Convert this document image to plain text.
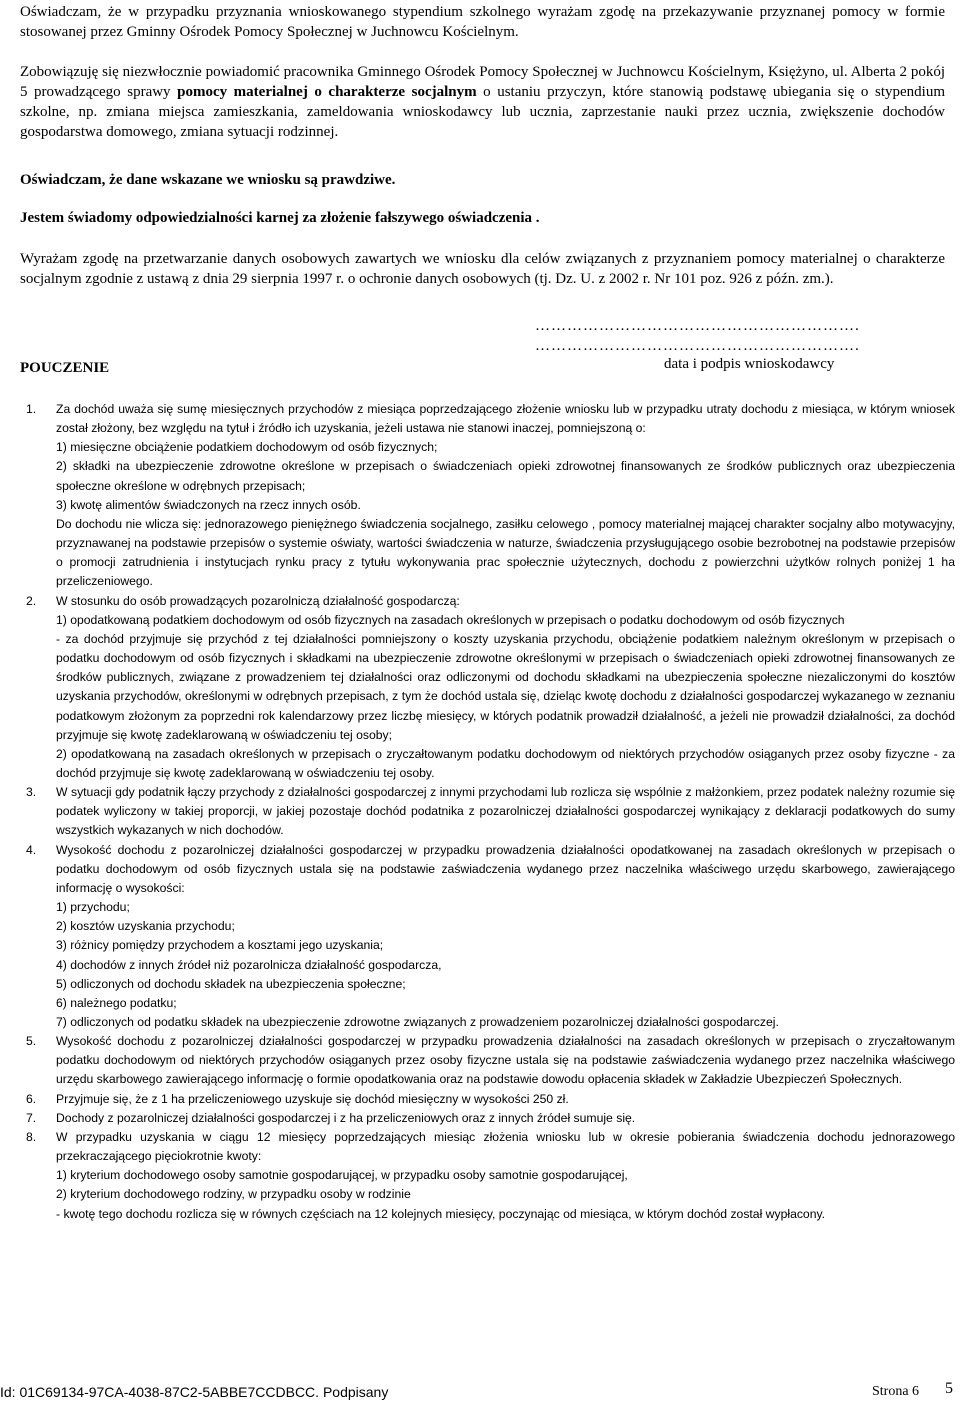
Oświadczam, że w przypadku przyznania wnioskowanego stypendium szkolnego wyrażam zgodę na przekazywanie przyznanej pomocy w formie stosowanej przez Gminny Ośrodek Pomocy Społecznej w Juchnowcu Kościelnym.

Zobowiązuję się niezwłocznie powiadomić pracownika Gminnego Ośrodek Pomocy Społecznej w Juchnowcu Kościelnym, Księżyno, ul. Alberta 2 pokój 5 prowadzącego sprawy pomocy materialnej o charakterze socjalnym o ustaniu przyczyn, które stanowią podstawę ubiegania się o stypendium szkolne, np. zmiana miejsca zamieszkania, zameldowania wnioskodawcy lub ucznia, zaprzestanie nauki przez ucznia, zwiększenie dochodów gospodarstwa domowego, zmiana sytuacji rodzinnej.

Oświadczam, że dane wskazane we wniosku są prawdziwe.

Jestem świadomy odpowiedzialności karnej za złożenie fałszywego oświadczenia .

Wyrażam zgodę na przetwarzanie danych osobowych zawartych we wniosku dla celów związanych z przyznaniem pomocy materialnej o charakterze socjalnym zgodnie z ustawą z dnia 29 sierpnia 1997 r. o ochronie danych osobowych (tj. Dz. U. z 2002 r. Nr 101 poz. 926 z późn. zm.).

…………………………………………………….
…………………………………………………….
POUCZENIE	data i podpis wnioskodawcy
1.	Za dochód uważa się sumę miesięcznych przychodów z miesiąca poprzedzającego złożenie wniosku lub w przypadku utraty dochodu z miesiąca, w którym wniosek został złożony, bez względu na tytuł i źródło ich uzyskania, jeżeli ustawa nie stanowi inaczej, pomniejszoną o:

1) miesięczne obciążenie podatkiem dochodowym od osób fizycznych;

2) składki na ubezpieczenie zdrowotne określone w przepisach o świadczeniach opieki zdrowotnej finansowanych ze środków publicznych oraz ubezpieczenia społeczne określone w odrębnych przepisach;

3) kwotę alimentów świadczonych na rzecz innych osób.

Do dochodu nie wlicza się: jednorazowego pieniężnego świadczenia socjalnego, zasiłku celowego , pomocy materialnej mającej charakter socjalny albo motywacyjny, przyznawanej na podstawie przepisów o systemie oświaty, wartości świadczenia w naturze, świadczenia przysługującego osobie bezrobotnej na podstawie przepisów o promocji zatrudnienia i instytucjach rynku pracy z tytułu wykonywania prac społecznie użytecznych, dochodu z powierzchni użytków rolnych poniżej 1 ha przeliczeniowego.

2.	W stosunku do osób prowadzących pozarolniczą działalność gospodarczą:

1) opodatkowaną podatkiem dochodowym od osób fizycznych na zasadach określonych w przepisach o podatku dochodowym od osób fizycznych

- za dochód przyjmuje się przychód z tej działalności pomniejszony o koszty uzyskania przychodu, obciążenie podatkiem należnym określonym w przepisach o podatku dochodowym od osób fizycznych i składkami na ubezpieczenie zdrowotne określonymi w przepisach o świadczeniach opieki zdrowotnej finansowanych ze środków publicznych, związane z prowadzeniem tej działalności oraz odliczonymi od dochodu składkami na ubezpieczenia społeczne niezaliczonymi do kosztów uzyskania przychodów, określonymi w odrębnych przepisach, z tym że dochód ustala się, dzieląc kwotę dochodu z działalności gospodarczej wykazanego w zeznaniu podatkowym złożonym za poprzedni rok kalendarzowy przez liczbę miesięcy, w których podatnik prowadził działalność, a jeżeli nie prowadził działalności, za dochód przyjmuje się kwotę zadeklarowaną w oświadczeniu tej osoby;

2) opodatkowaną na zasadach określonych w przepisach o zryczałtowanym podatku dochodowym od niektórych przychodów osiąganych przez osoby fizyczne - za dochód przyjmuje się kwotę zadeklarowaną w oświadczeniu tej osoby.

3.	W sytuacji gdy podatnik łączy przychody z działalności gospodarczej z innymi przychodami lub rozlicza się wspólnie z małżonkiem, przez podatek należny rozumie się podatek wyliczony w takiej proporcji, w jakiej pozostaje dochód podatnika z pozarolniczej działalności gospodarczej wynikający z deklaracji podatkowych do sumy wszystkich wykazanych w nich dochodów.
4.	Wysokość dochodu z pozarolniczej działalności gospodarczej w przypadku prowadzenia działalności opodatkowanej na zasadach określonych w przepisach o podatku dochodowym od osób fizycznych ustala się na podstawie zaświadczenia wydanego przez naczelnika właściwego urzędu skarbowego, zawierającego informację o wysokości:

1) przychodu;

2) kosztów uzyskania przychodu;

3) różnicy pomiędzy przychodem a kosztami jego uzyskania;

4) dochodów z innych źródeł niż pozarolnicza działalność gospodarcza,

5) odliczonych od dochodu składek na ubezpieczenia społeczne;

6) należnego podatku;

7) odliczonych od podatku składek na ubezpieczenie zdrowotne związanych z prowadzeniem pozarolniczej działalności gospodarczej.

5.	Wysokość dochodu z pozarolniczej działalności gospodarczej w przypadku prowadzenia działalności na zasadach określonych w przepisach o zryczałtowanym podatku dochodowym od niektórych przychodów osiąganych przez osoby fizyczne ustala się na podstawie zaświadczenia wydanego przez naczelnika właściwego urzędu skarbowego zawierającego informację o formie opodatkowania oraz na podstawie dowodu opłacenia składek w Zakładzie Ubezpieczeń Społecznych.
6.	Przyjmuje się, że z 1 ha przeliczeniowego uzyskuje się dochód miesięczny w wysokości 250 zł.
7.	Dochody z pozarolniczej działalności gospodarczej i z ha przeliczeniowych oraz z innych źródeł sumuje się.
8.	W przypadku uzyskania w ciągu 12 miesięcy poprzedzających miesiąc złożenia wniosku lub w okresie pobierania świadczenia dochodu jednorazowego przekraczającego pięciokrotnie kwoty:

1) kryterium dochodowego osoby samotnie gospodarującej, w przypadku osoby samotnie gospodarującej,

2) kryterium dochodowego rodziny, w przypadku osoby w rodzinie

- kwotę tego dochodu rozlicza się w równych częściach na 12 kolejnych miesięcy, poczynając od miesiąca, w którym dochód został wypłacony.

Id: 01C69134-97CA-4038-87C2-5ABBE7CCDBCC. Podpisany	Strona 6 5
